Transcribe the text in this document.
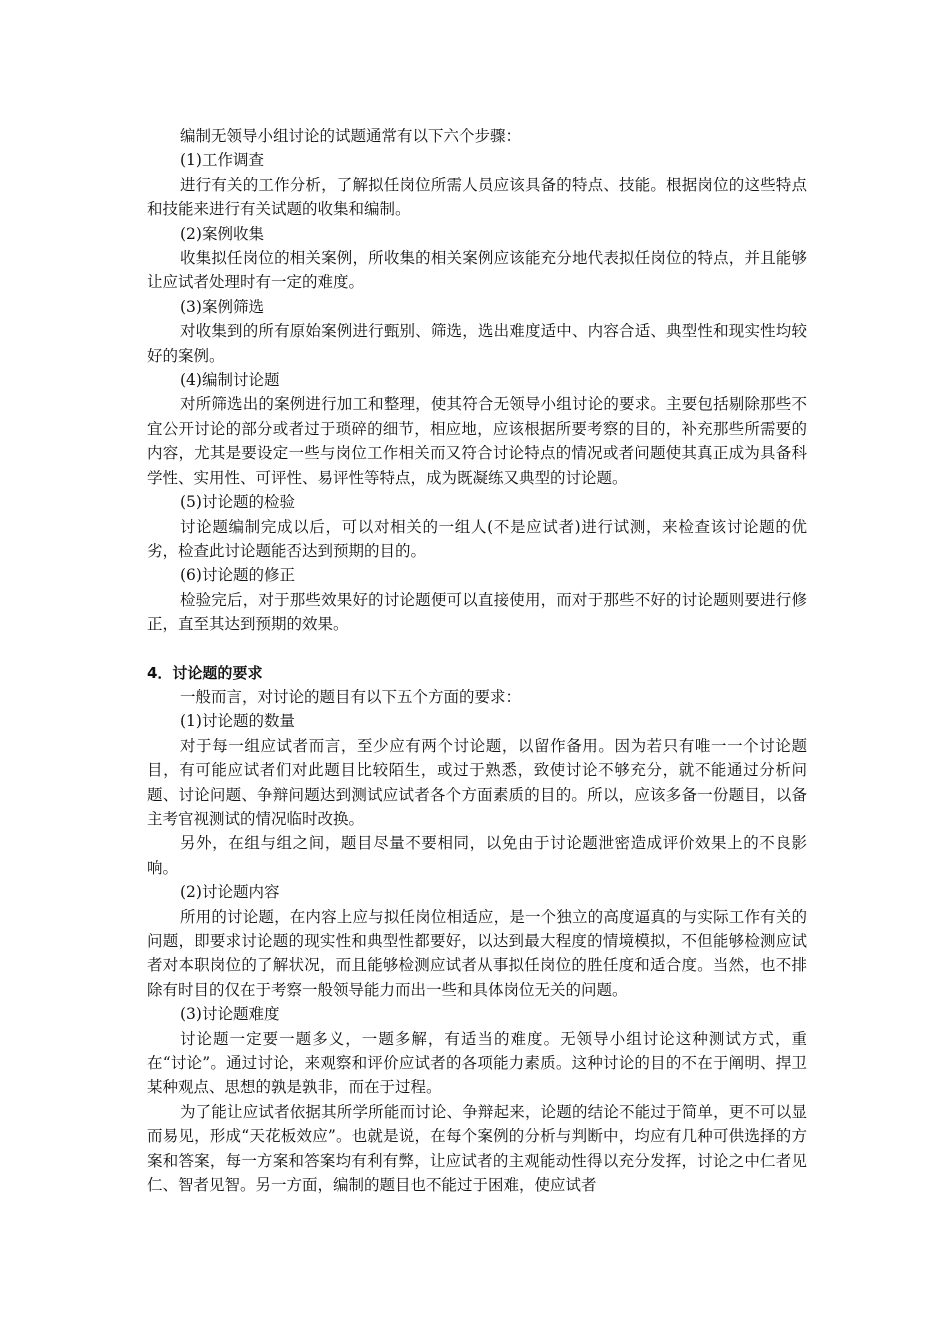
编制无领导小组讨论的试题通常有以下六个步骤：

(1)工作调查

进行有关的工作分析，了解拟任岗位所需人员应该具备的特点、技能。根据岗位的这些特点和技能来进行有关试题的收集和编制。

(2)案例收集

收集拟任岗位的相关案例，所收集的相关案例应该能充分地代表拟任岗位的特点，并且能够让应试者处理时有一定的难度。

(3)案例筛选

对收集到的所有原始案例进行甄别、筛选，选出难度适中、内容合适、典型性和现实性均较好的案例。

(4)编制讨论题

对所筛选出的案例进行加工和整理，使其符合无领导小组讨论的要求。主要包括剔除那些不宜公开讨论的部分或者过于琐碎的细节，相应地，应该根据所要考察的目的，补充那些所需要的内容，尤其是要设定一些与岗位工作相关而又符合讨论特点的情况或者问题使其真正成为具备科学性、实用性、可评性、易评性等特点，成为既凝练又典型的讨论题。

(5)讨论题的检验

讨论题编制完成以后，可以对相关的一组人(不是应试者)进行试测，来检查该讨论题的优劣，检查此讨论题能否达到预期的目的。

(6)讨论题的修正

检验完后，对于那些效果好的讨论题便可以直接使用，而对于那些不好的讨论题则要进行修正，直至其达到预期的效果。

4．讨论题的要求

一般而言，对讨论的题目有以下五个方面的要求：

(1)讨论题的数量

对于每一组应试者而言，至少应有两个讨论题，以留作备用。因为若只有唯一一个讨论题目，有可能应试者们对此题目比较陌生，或过于熟悉，致使讨论不够充分，就不能通过分析问题、讨论问题、争辩问题达到测试应试者各个方面素质的目的。所以，应该多备一份题目，以备主考官视测试的情况临时改换。

另外，在组与组之间，题目尽量不要相同，以免由于讨论题泄密造成评价效果上的不良影响。

(2)讨论题内容

所用的讨论题，在内容上应与拟任岗位相适应，是一个独立的高度逼真的与实际工作有关的问题，即要求讨论题的现实性和典型性都要好，以达到最大程度的情境模拟，不但能够检测应试者对本职岗位的了解状况，而且能够检测应试者从事拟任岗位的胜任度和适合度。当然，也不排除有时目的仅在于考察一般领导能力而出一些和具体岗位无关的问题。

(3)讨论题难度

讨论题一定要一题多义，一题多解，有适当的难度。无领导小组讨论这种测试方式，重在“讨论”。通过讨论，来观察和评价应试者的各项能力素质。这种讨论的目的不在于阐明、捍卫某种观点、思想的孰是孰非，而在于过程。

为了能让应试者依据其所学所能而讨论、争辩起来，论题的结论不能过于简单，更不可以显而易见，形成“天花板效应”。也就是说，在每个案例的分析与判断中，均应有几种可供选择的方案和答案，每一方案和答案均有利有弊，让应试者的主观能动性得以充分发挥，讨论之中仁者见仁、智者见智。另一方面，编制的题目也不能过于困难，使应试者
